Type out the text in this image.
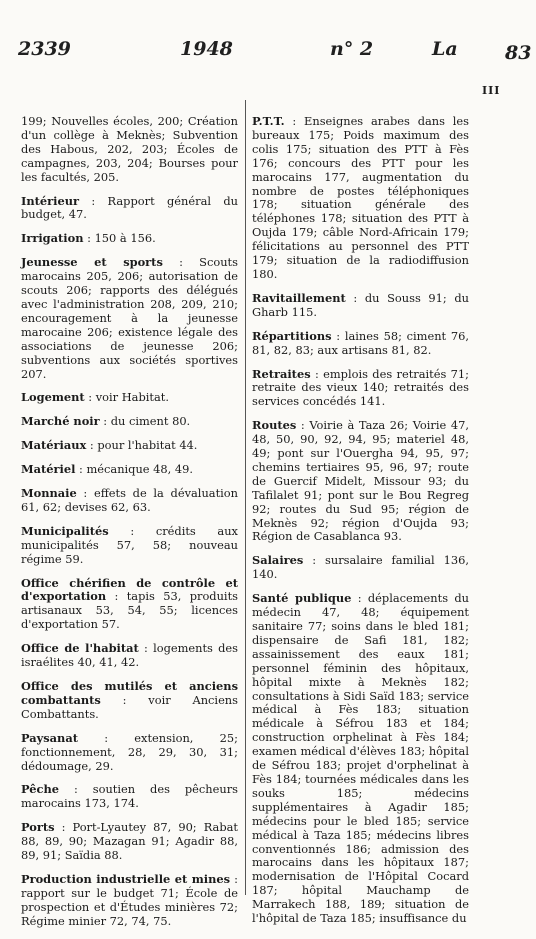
2339	1948	n° 2	La 83
III

199; Nouvelles écoles, 200; Création d'un collège à Meknès; Subvention des Habous, 202, 203; Écoles de campagnes, 203, 204; Bourses pour les facultés, 205.

Intérieur : Rapport général du budget, 47.

Irrigation : 150 à 156.

Jeunesse et sports : Scouts marocains 205, 206; autorisation de scouts 206; rapports des délégués avec l'administration 208, 209, 210; encouragement à la jeunesse marocaine 206; existence légale des associations de jeunesse 206; subventions aux sociétés sportives 207.

Logement : voir Habitat.

Marché noir : du ciment 80.

Matériaux : pour l'habitat 44.

Matériel : mécanique 48, 49.

Monnaie : effets de la dévaluation 61, 62; devises 62, 63.

Municipalités : crédits aux municipalités 57, 58; nouveau régime 59.

Office chérifien de contrôle et d'exportation : tapis 53, produits artisanaux 53, 54, 55; licences d'exportation 57.

Office de l'habitat : logements des israélites 40, 41, 42.

Office des mutilés et anciens combattants : voir Anciens Combattants.

Paysanat : extension, 25; fonctionnement, 28, 29, 30, 31; dédoumage, 29.

Pêche : soutien des pêcheurs marocains 173, 174.

Ports : Port-Lyautey 87, 90; Rabat 88, 89, 90; Mazagan 91; Agadir 88, 89, 91; Saïdia 88.

Production industrielle et mines : rapport sur le budget 71; École de prospection et d'Études minières 72; Régime minier 72, 74, 75.

P.T.T. : Enseignes arabes dans les bureaux 175; Poids maximum des colis 175; situation des PTT à Fès 176; concours des PTT pour les marocains 177, augmentation du nombre de postes téléphoniques 178; situation générale des téléphones 178; situation des PTT à Oujda 179; câble Nord-Africain 179; félicitations au personnel des PTT 179; situation de la radiodiffusion 180.

Ravitaillement : du Souss 91; du Gharb 115.

Répartitions : laines 58; ciment 76, 81, 82, 83; aux artisans 81, 82.

Retraites : emplois des retraités 71; retraite des vieux 140; retraités des services concédés 141.

Routes : Voirie à Taza 26; Voirie 47, 48, 50, 90, 92, 94, 95; materiel 48, 49; pont sur l'Ouergha 94, 95, 97; chemins tertiaires 95, 96, 97; route de Guercif Midelt, Missour 93; du Tafilalet 91; pont sur le Bou Regreg 92; routes du Sud 95; région de Meknès 92; région d'Oujda 93; Région de Casablanca 93.

Salaires : sursalaire familial 136, 140.

Santé publique : déplacements du médecin 47, 48; équipement sanitaire 77; soins dans le bled 181; dispensaire de Safi 181, 182; assainissement des eaux 181; personnel féminin des hôpitaux, hôpital mixte à Meknès 182; consultations à Sidi Saïd 183; service médical à Fès 183; situation médicale à Séfrou 183 et 184; construction orphelinat à Fès 184; examen médical d'élèves 183; hôpital de Séfrou 183; projet d'orphelinat à Fès 184; tournées médicales dans les souks 185; médecins supplémentaires à Agadir 185; médecins pour le bled 185; service médical à Taza 185; médecins libres conventionnés 186; admission des marocains dans les hôpitaux 187; modernisation de l'Hôpital Cocard 187; hôpital Mauchamp de Marrakech 188, 189; situation de l'hôpital de Taza 185; insuffisance du
